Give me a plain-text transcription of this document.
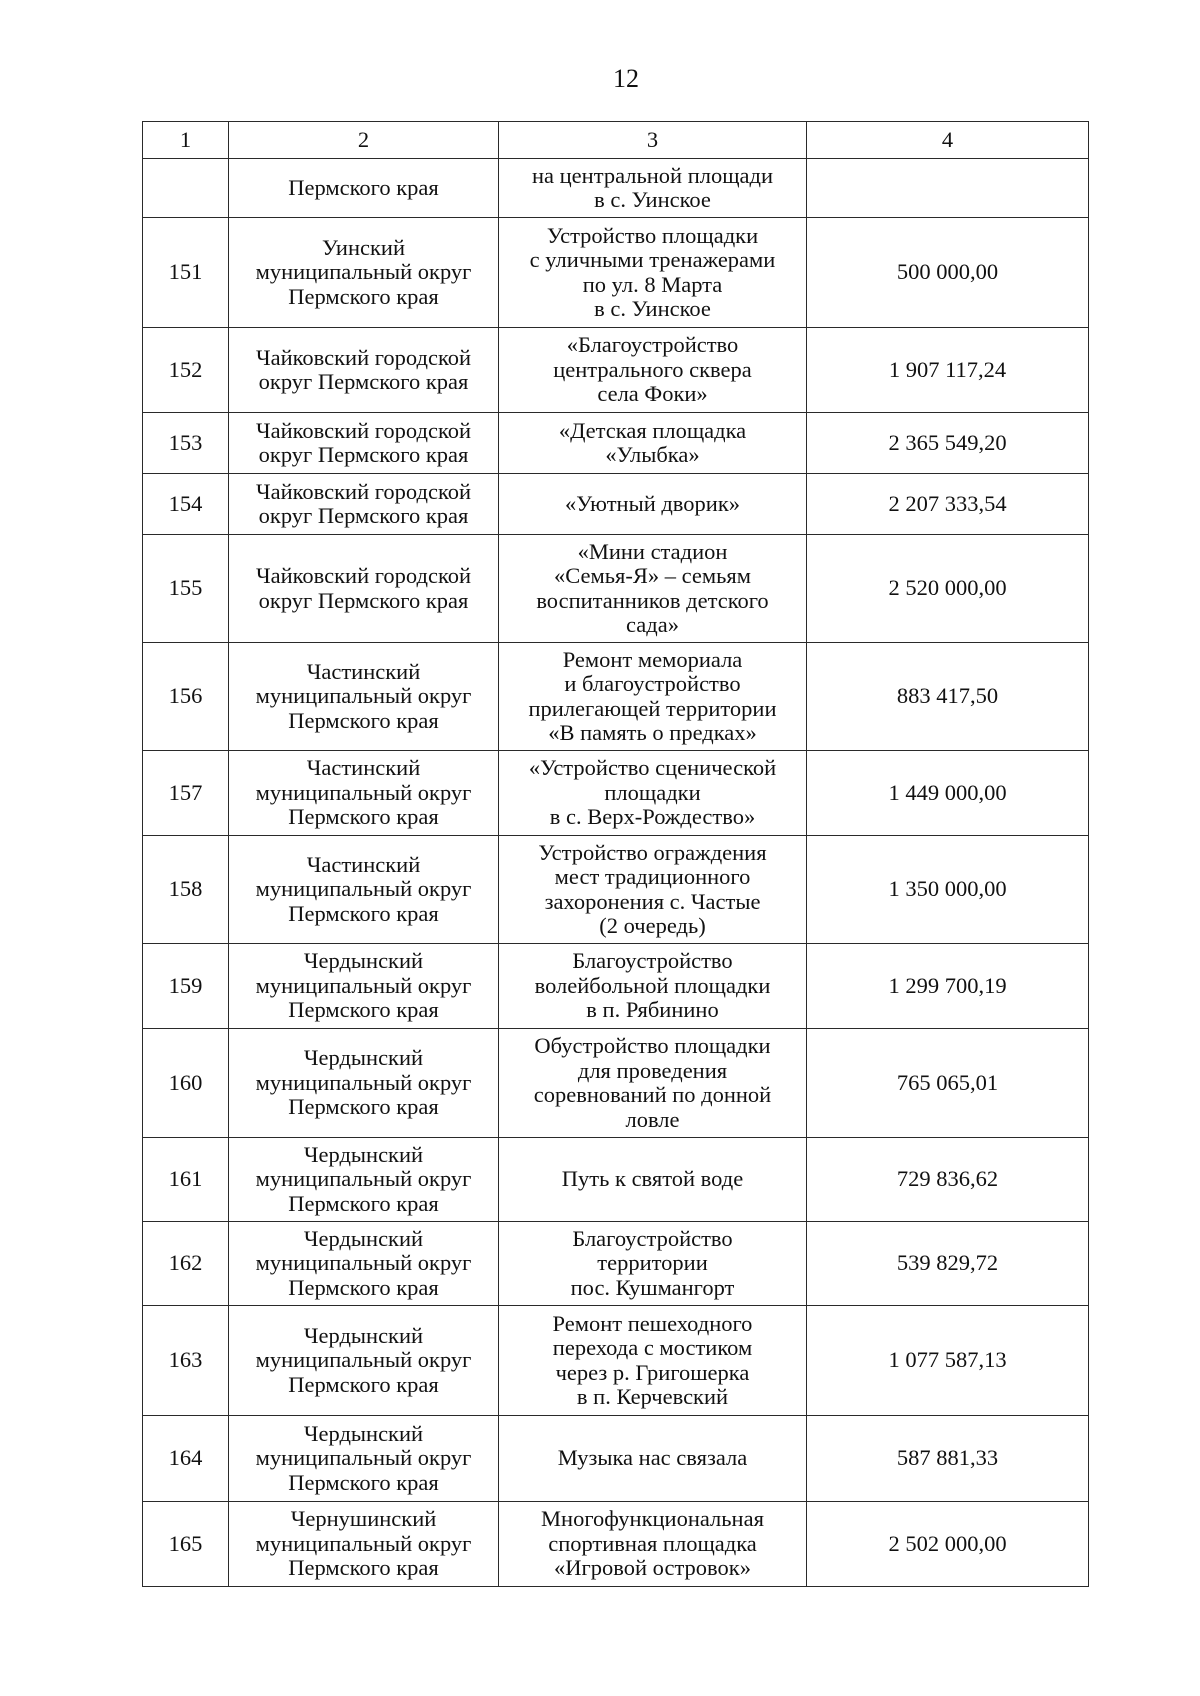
12
1	2	3	4
	Пермского края	на центральной площади
в с. Уинское	
151	Уинский
муниципальный округ
Пермского края	Устройство площадки
с уличными тренажерами
по ул. 8 Марта
в с. Уинское	500 000,00
152	Чайковский городской
округ Пермского края	«Благоустройство
центрального сквера
села Фоки»	1 907 117,24
153	Чайковский городской
округ Пермского края	«Детская площадка
«Улыбка»	2 365 549,20
154	Чайковский городской
округ Пермского края	«Уютный дворик»	2 207 333,54
155	Чайковский городской
округ Пермского края	«Мини стадион
«Семья-Я» – семьям
воспитанников детского
сада»	2 520 000,00
156	Частинский
муниципальный округ
Пермского края	Ремонт мемориала
и благоустройство
прилегающей территории
«В память о предках»	883 417,50
157	Частинский
муниципальный округ
Пермского края	«Устройство сценической
площадки
в с. Верх-Рождество»	1 449 000,00
158	Частинский
муниципальный округ
Пермского края	Устройство ограждения
мест традиционного
захоронения с. Частые
(2 очередь)	1 350 000,00
159	Чердынский
муниципальный округ
Пермского края	Благоустройство
волейбольной площадки
в п. Рябинино	1 299 700,19
160	Чердынский
муниципальный округ
Пермского края	Обустройство площадки
для проведения
соревнований по донной
ловле	765 065,01
161	Чердынский
муниципальный округ
Пермского края	Путь к святой воде	729 836,62
162	Чердынский
муниципальный округ
Пермского края	Благоустройство
территории
пос. Кушмангорт	539 829,72
163	Чердынский
муниципальный округ
Пермского края	Ремонт пешеходного
перехода с мостиком
через р. Григошерка
в п. Керчевский	1 077 587,13
164	Чердынский
муниципальный округ
Пермского края	Музыка нас связала	587 881,33
165	Чернушинский
муниципальный округ
Пермского края	Многофункциональная
спортивная площадка
«Игровой островок»	2 502 000,00
